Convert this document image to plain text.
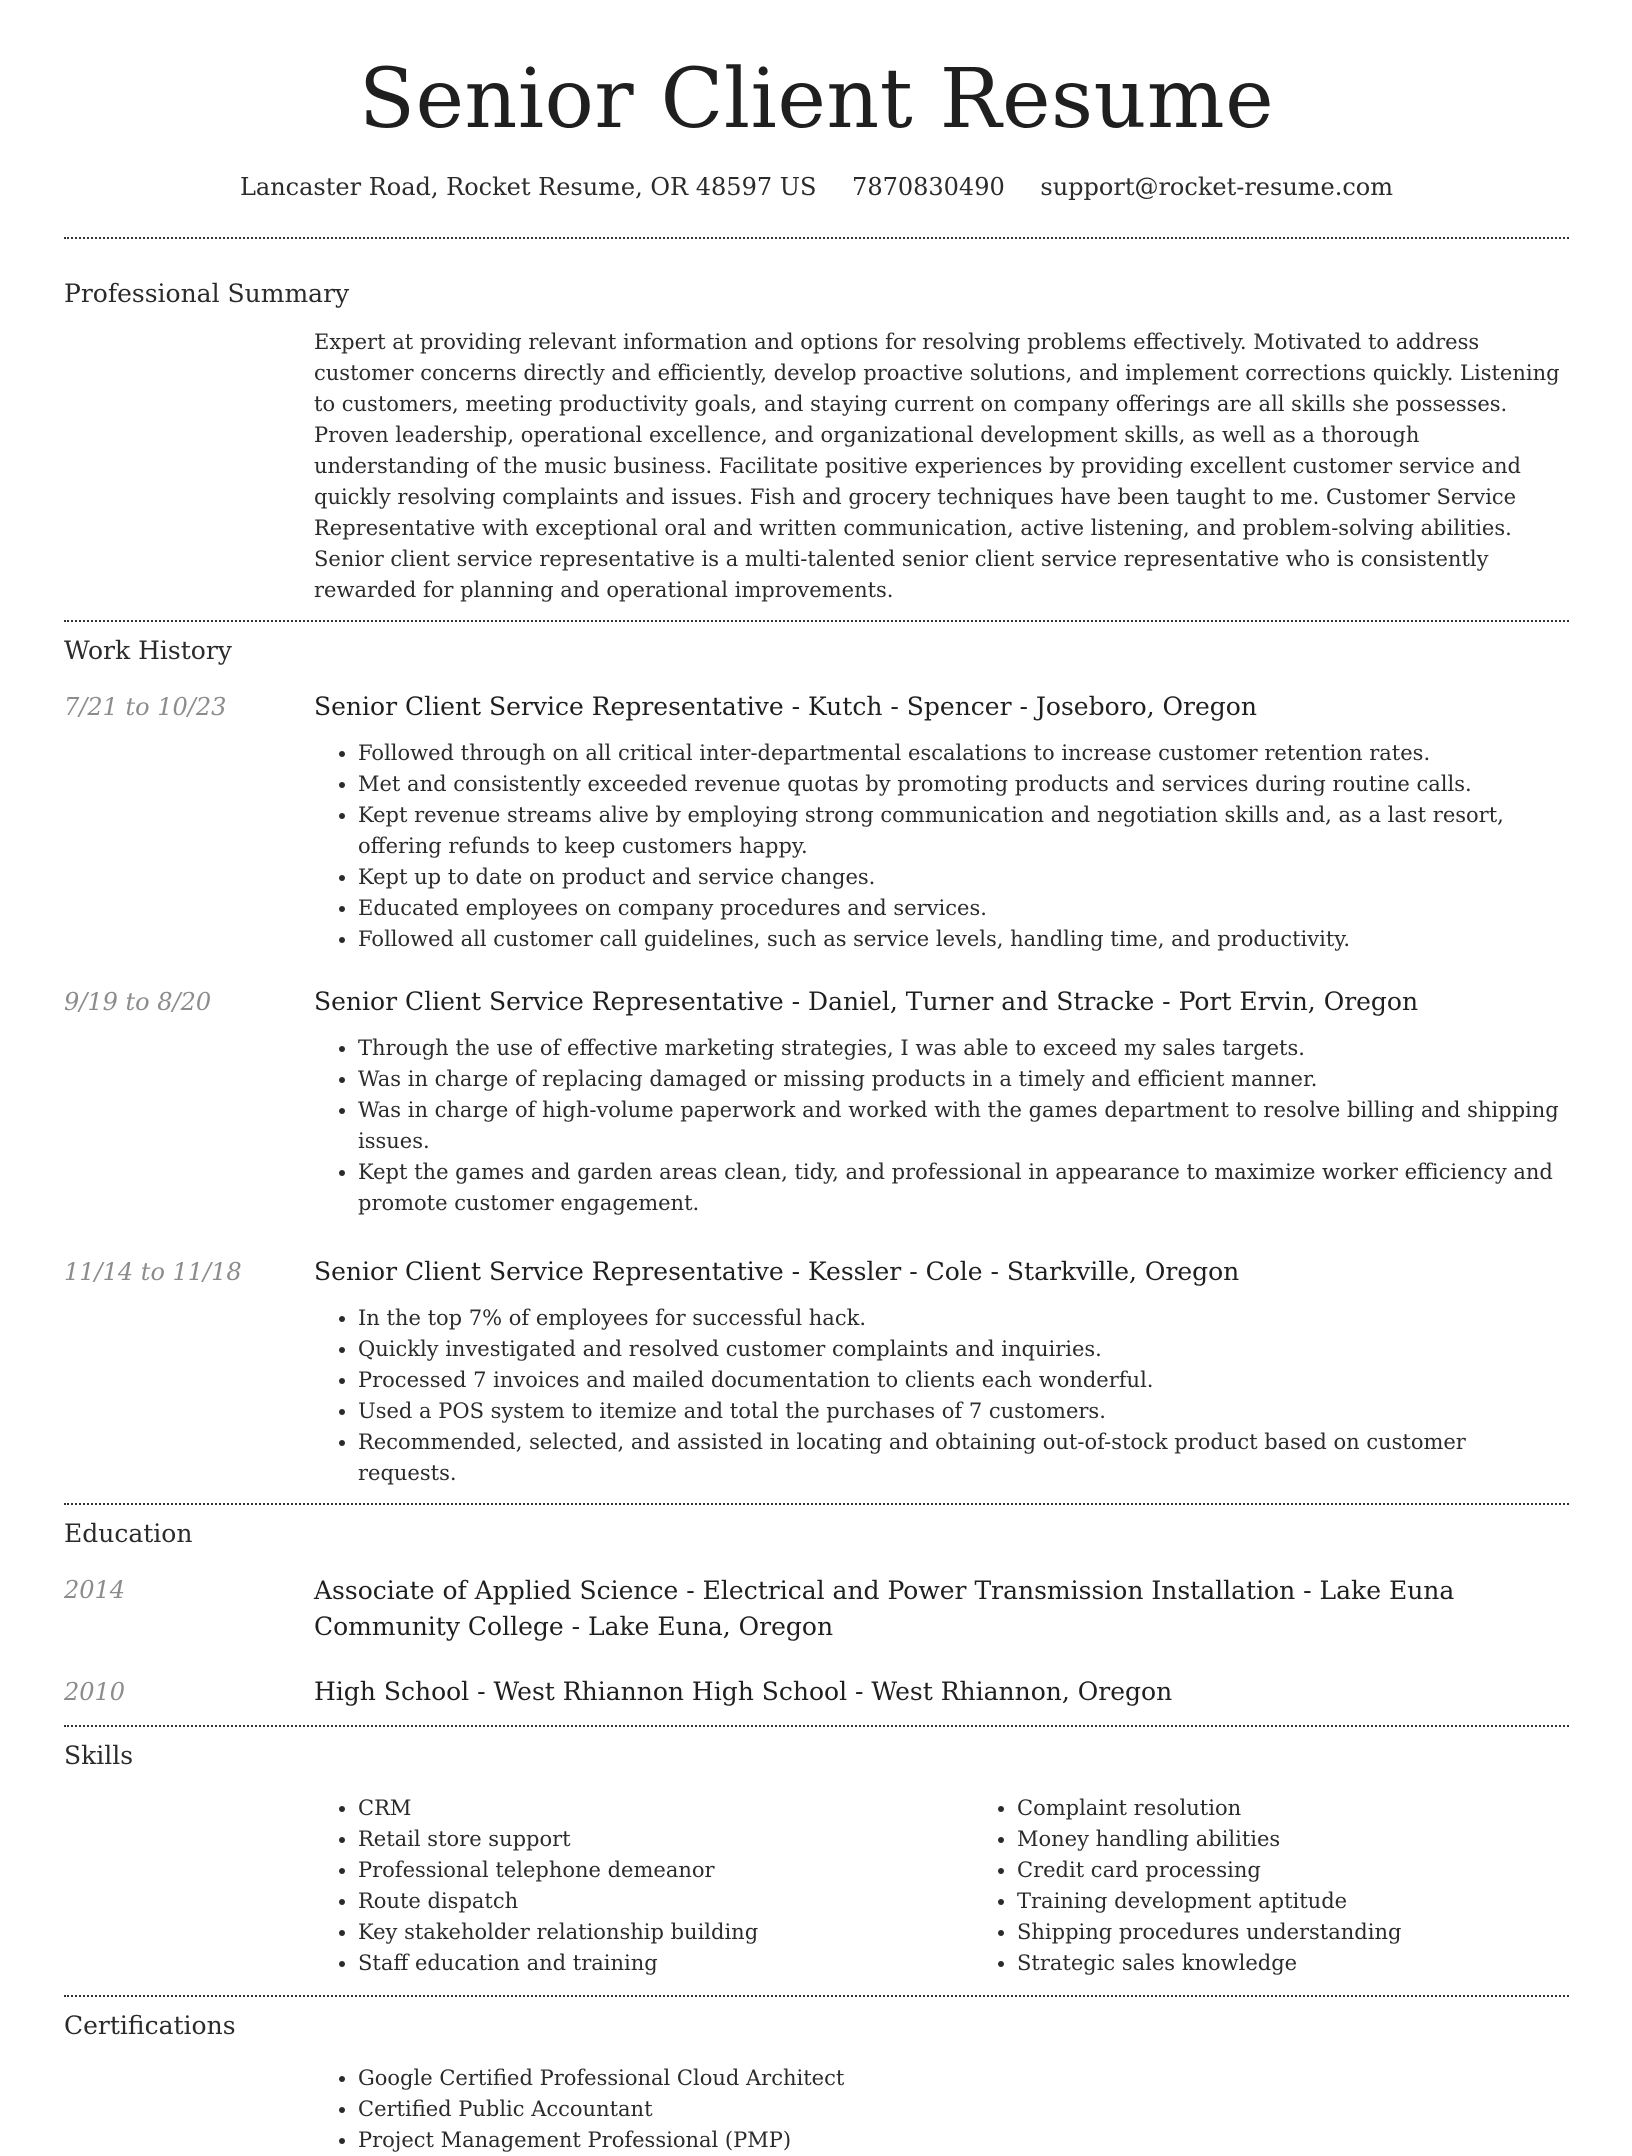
Senior Client Resume
Lancaster Road, Rocket Resume, OR 48597 US 7870830490 support@rocket-resume.com
Professional Summary
Expert at providing relevant information and options for resolving problems effectively. Motivated to address customer concerns directly and efficiently, develop proactive solutions, and implement corrections quickly. Listening to customers, meeting productivity goals, and staying current on company offerings are all skills she possesses. Proven leadership, operational excellence, and organizational development skills, as well as a thorough understanding of the music business. Facilitate positive experiences by providing excellent customer service and quickly resolving complaints and issues. Fish and grocery techniques have been taught to me. Customer Service Representative with exceptional oral and written communication, active listening, and problem-solving abilities. Senior client service representative is a multi-talented senior client service representative who is consistently rewarded for planning and operational improvements.
Work History
7/21 to 10/23	Senior Client Service Representative - Kutch - Spencer - Joseboro, Oregon
• Followed through on all critical inter-departmental escalations to increase customer retention rates.
• Met and consistently exceeded revenue quotas by promoting products and services during routine calls.
• Kept revenue streams alive by employing strong communication and negotiation skills and, as a last resort, offering refunds to keep customers happy.
• Kept up to date on product and service changes.
• Educated employees on company procedures and services.
• Followed all customer call guidelines, such as service levels, handling time, and productivity.
9/19 to 8/20	Senior Client Service Representative - Daniel, Turner and Stracke - Port Ervin, Oregon
• Through the use of effective marketing strategies, I was able to exceed my sales targets.
• Was in charge of replacing damaged or missing products in a timely and efficient manner.
• Was in charge of high-volume paperwork and worked with the games department to resolve billing and shipping issues.
• Kept the games and garden areas clean, tidy, and professional in appearance to maximize worker efficiency and promote customer engagement.
11/14 to 11/18	Senior Client Service Representative - Kessler - Cole - Starkville, Oregon
• In the top 7% of employees for successful hack.
• Quickly investigated and resolved customer complaints and inquiries.
• Processed 7 invoices and mailed documentation to clients each wonderful.
• Used a POS system to itemize and total the purchases of 7 customers.
• Recommended, selected, and assisted in locating and obtaining out-of-stock product based on customer requests.
Education
2014	Associate of Applied Science - Electrical and Power Transmission Installation - Lake Euna Community College - Lake Euna, Oregon
2010	High School - West Rhiannon High School - West Rhiannon, Oregon
Skills
• CRM
• Retail store support
• Professional telephone demeanor
• Route dispatch
• Key stakeholder relationship building
• Staff education and training
• Complaint resolution
• Money handling abilities
• Credit card processing
• Training development aptitude
• Shipping procedures understanding
• Strategic sales knowledge
Certifications
• Google Certified Professional Cloud Architect
• Certified Public Accountant
• Project Management Professional (PMP)
